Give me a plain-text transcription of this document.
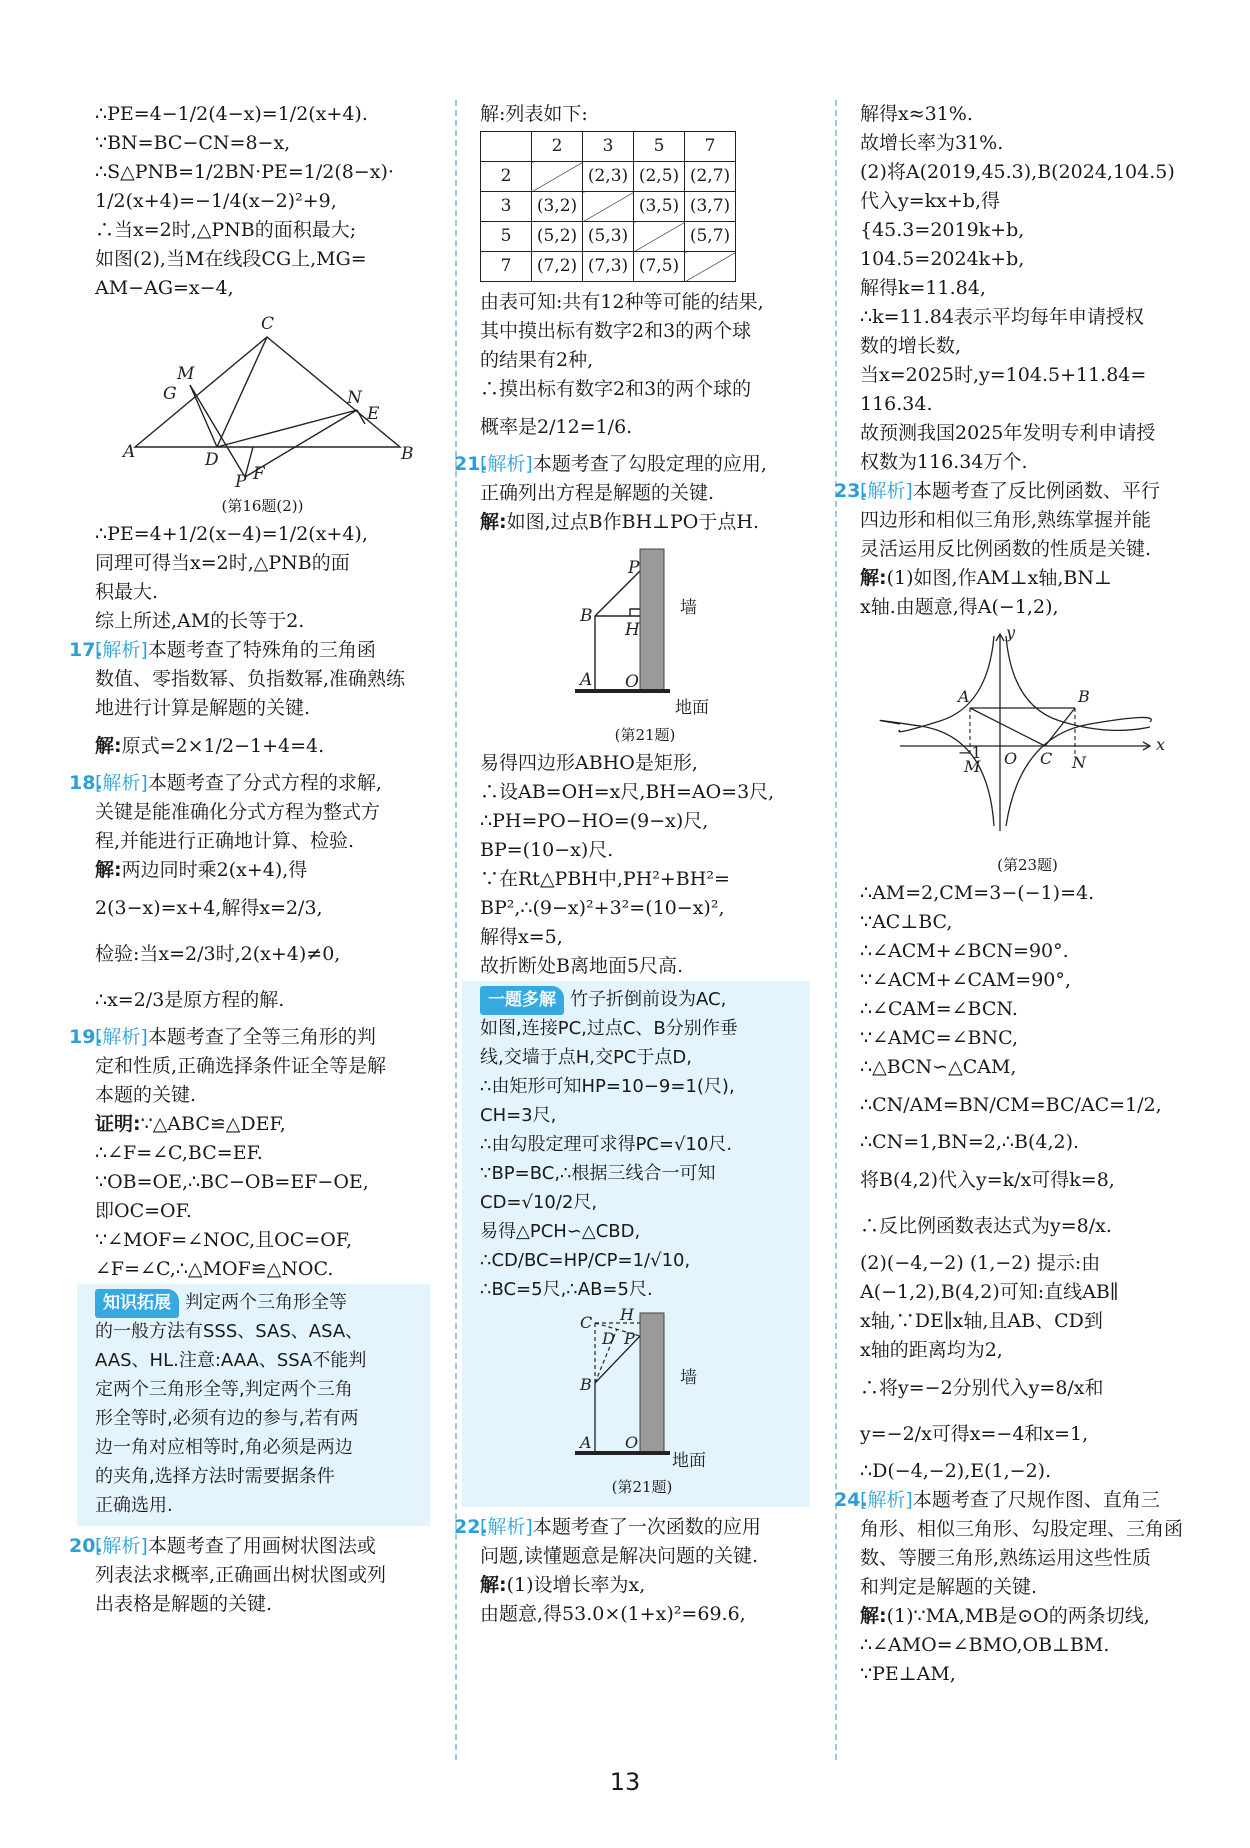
∴PE=4−1/2(4−x)=1/2(x+4).
∵BN=BC−CN=8−x,
∴S△PNB=1/2BN·PE=1/2(8−x)·
1/2(x+4)=−1/4(x−2)²+9,
∴当x=2时,△PNB的面积最大;
如图(2),当M在线段CG上,MG=
AM−AG=x−4,
C
M
G	N
E
A	D	B
P F
(第16题(2))
∴PE=4+1/2(x−4)=1/2(x+4),
同理可得当x=2时,△PNB的面
积最大.
综上所述,AM的长等于2.
17.[解析]本题考查了特殊角的三角函
数值、零指数幂、负指数幂,准确熟练
地进行计算是解题的关键.
解:原式=2×1/2−1+4=4.
18.[解析]本题考查了分式方程的求解,
关键是能准确化分式方程为整式方
程,并能进行正确地计算、检验.
解:两边同时乘2(x+4),得
2(3−x)=x+4,解得x=2/3,
检验:当x=2/3时,2(x+4)≠0,
∴x=2/3是原方程的解.
19.[解析]本题考查了全等三角形的判
定和性质,正确选择条件证全等是解
本题的关键.
证明:∵△ABC≌△DEF,
∴∠F=∠C,BC=EF.
∵OB=OE,∴BC−OB=EF−OE,
即OC=OF.
∵∠MOF=∠NOC,且OC=OF,
∠F=∠C,∴△MOF≌△NOC.
知识拓展 判定两个三角形全等
的一般方法有SSS、SAS、ASA、
AAS、HL.注意:AAA、SSA不能判
定两个三角形全等,判定两个三角
形全等时,必须有边的参与,若有两
边一角对应相等时,角必须是两边
的夹角,选择方法时需要据条件
正确选用.
20.[解析]本题考查了用画树状图法或
列表法求概率,正确画出树状图或列
出表格是解题的关键.
解:列表如下:
	2	3	5	7
2		(2,3)	(2,5)	(2,7)
3	(3,2)		(3,5)	(3,7)
5	(5,2)	(5,3)		(5,7)
7	(7,2)	(7,3)	(7,5)	
由表可知:共有12种等可能的结果,
其中摸出标有数字2和3的两个球
的结果有2种,
∴摸出标有数字2和3的两个球的
概率是2/12=1/6.
21.[解析]本题考查了勾股定理的应用,
正确列出方程是解题的关键.
解:如图,过点B作BH⊥PO于点H.
P
B
H
A O
墙
地面
(第21题)
易得四边形ABHO是矩形,
∴设AB=OH=x尺,BH=AO=3尺,
∴PH=PO−HO=(9−x)尺,
BP=(10−x)尺.
∵在Rt△PBH中,PH²+BH²=
BP²,∴(9−x)²+3²=(10−x)²,
解得x=5,
故折断处B离地面5尺高.
一题多解 竹子折倒前设为AC,
如图,连接PC,过点C、B分别作垂
线,交墙于点H,交PC于点D,
∴由矩形可知HP=10−9=1(尺),
CH=3尺,
∴由勾股定理可求得PC=√10尺.
∵BP=BC,∴根据三线合一可知
CD=√10/2尺,
易得△PCH∽△CBD,
∴CD/BC=HP/CP=1/√10,
∴BC=5尺,∴AB=5尺.
H
C
D P
B
A O
墙
地面
(第21题)
22.[解析]本题考查了一次函数的应用
问题,读懂题意是解决问题的关键.
解:(1)设增长率为x,
由题意,得53.0×(1+x)²=69.6,
解得x≈31%.
故增长率为31%.
(2)将A(2019,45.3),B(2024,104.5)
代入y=kx+b,得
{45.3=2019k+b,
104.5=2024k+b,
解得k=11.84,
∴k=11.84表示平均每年申请授权
数的增长数,
当x=2025时,y=104.5+11.84=
116.34.
故预测我国2025年发明专利申请授
权数为116.34万个.
23.[解析]本题考查了反比例函数、平行
四边形和相似三角形,熟练掌握并能
灵活运用反比例函数的性质是关键.
解:(1)如图,作AM⊥x轴,BN⊥
x轴.由题意,得A(−1,2),
y
x
A	B
O C N
M
−1
(第23题)
∴AM=2,CM=3−(−1)=4.
∵AC⊥BC,
∴∠ACM+∠BCN=90°.
∵∠ACM+∠CAM=90°,
∴∠CAM=∠BCN.
∵∠AMC=∠BNC,
∴△BCN∽△CAM,
∴CN/AM=BN/CM=BC/AC=1/2,
∴CN=1,BN=2,∴B(4,2).
将B(4,2)代入y=k/x可得k=8,
∴反比例函数表达式为y=8/x.
(2)(−4,−2) (1,−2) 提示:由
A(−1,2),B(4,2)可知:直线AB∥
x轴,∵DE∥x轴,且AB、CD到
x轴的距离均为2,
∴将y=−2分别代入y=8/x和
y=−2/x可得x=−4和x=1,
∴D(−4,−2),E(1,−2).
24.[解析]本题考查了尺规作图、直角三
角形、相似三角形、勾股定理、三角函
数、等腰三角形,熟练运用这些性质
和判定是解题的关键.
解:(1)∵MA,MB是⊙O的两条切线,
∴∠AMO=∠BMO,OB⊥BM.
∵PE⊥AM,
13
